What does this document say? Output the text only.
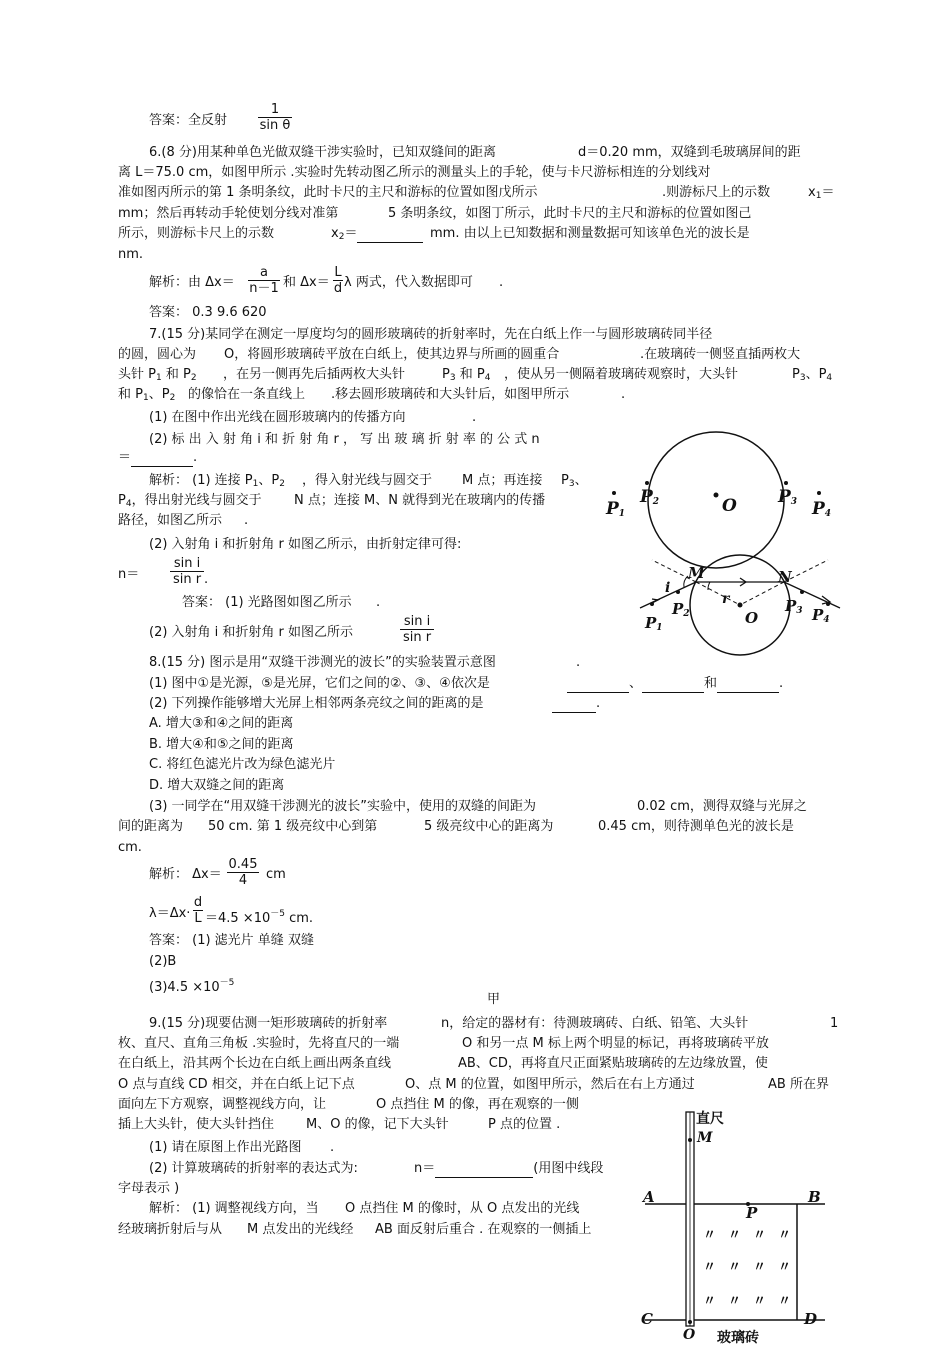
答案：全反射 $\frac{1}{\text{sin θ}}$
6.(8 分)用某种单色光做双缝干涉实验时，已知双缝间的距离	d＝0.20 mm，双缝到毛玻璃屏间的距
离 L＝75.0 cm，如图甲所示 .实验时先转动图乙所示的测量头上的手轮，使与卡尺游标相连的分划线对
准如图丙所示的第 1 条明条纹，此时卡尺的主尺和游标的位置如图戊所示	.则游标尺上的示数	$x_1=$
mm；然后再转动手轮使划分线对准第	5 条明条纹，如图丁所示，此时卡尺的主尺和游标的位置如图己
所示，则游标卡尺上的示数	$x_2=$	mm. 由以上已知数据和测量数据可知该单色光的波长是
nm.
解析：由 $\Delta x= \frac{a}{n-1}$ 和 $\Delta x= \frac{L}{d}$ λ 两式，代入数据即可 .
答案： 0.3 9.6 620
7.(15 分)某同学在测定一厚度均匀的圆形玻璃砖的折射率时，先在白纸上作一与圆形玻璃砖同半径
的圆，圆心为 O，将圆形玻璃砖平放在白纸上，使其边界与所画的圆重合	.在玻璃砖一侧竖直插两枚大
头针 $P_1$ 和 $P_2$ ，在另一侧再先后插两枚大头针	$P_3$ 和 $P_4$ ，使从另一侧隔着玻璃砖观察时，大头针	$P_3$、$P_4$
和 $P_1$、$P_2$ 的像恰在一条直线上 .移去圆形玻璃砖和大头针后，如图甲所示	.
(1) 在图中作出光线在圆形玻璃内的传播方向	.
(2) 标 出 入 射 角 i 和 折 射 角 r ， 写 出 玻 璃 折 射 率 的 公 式 n
＝	.
解析： (1) 连接 $P_1$、$P_2$ ，得入射光线与圆交于 M 点；再连接 $P_3$、
$P_4$，得出射光线与圆交于 N 点；连接 M、N 就得到光在玻璃内的传播
路径，如图乙所示 .
(2) 入射角 i 和折射角 r 如图乙所示，由折射定律可得:
$n= \frac{\text{sin i}}{\text{sin r}}$ .
答案： (1) 光路图如图乙所示 .
(2) 入射角 i 和折射角 r 如图乙所示	$\frac{\text{sin i}}{\text{sin r}}$
$P_1$
$P_2$	O $P_3$ $P_4$
M	N
i
r
$P_1$
$P_2$	O
$P_3$ $P_4$
8.(15 分) 图示是用“双缝干涉测光的波长”的实验装置示意图	.
(1) 图中①是光源，⑤是光屏，它们之间的②、③、④依次是	、	和	.
(2) 下列操作能够增大光屏上相邻两条亮纹之间的距离的是	.
A. 增大③和④之间的距离
B. 增大④和⑤之间的距离
C. 将红色滤光片改为绿色滤光片
D. 增大双缝之间的距离
(3) 一同学在“用双缝干涉测光的波长”实验中，使用的双缝的间距为	0.02 cm，测得双缝与光屏之
间的距离为 50 cm. 第 1 级亮纹中心到第	5 级亮纹中心的距离为	0.45 cm，则待测单色光的波长是
cm.
解析： $\Delta x= \frac{0.45}{4}$ cm
$\lambda=\Delta x\cdot \frac{d}{L} =4.5 \times 10^{-5}$ cm.
答案： (1) 滤光片 单缝 双缝
(2)B
$(3)4.5 \times 10^{-5}$
甲
9.(15 分)现要估测一矩形玻璃砖的折射率	n，给定的器材有：待测玻璃砖、白纸、铅笔、大头针	1
枚、直尺、直角三角板 .实验时，先将直尺的一端	O 和另一点 M 标上两个明显的标记，再将玻璃砖平放
在白纸上，沿其两个长边在白纸上画出两条直线	AB、CD，再将直尺正面紧贴玻璃砖的左边缘放置，使
O 点与直线 CD 相交，并在白纸上记下点	O、点 M 的位置，如图甲所示，然后在右上方通过	AB 所在界
面向左下方观察，调整视线方向，让	O 点挡住 M 的像，再在观察的一侧
插上大头针，使大头针挡住 M、O 的像，记下大头针	P 点的位置 .
(1) 请在原图上作出光路图 .
(2) 计算玻璃砖的折射率的表达式为:	n＝	(用图中线段
字母表示 )
解析： (1) 调整视线方向，当 O 点挡住 M 的像时，从 O 点发出的光线
经玻璃折射后与从 M 点发出的光线经 AB 面反射后重合 . 在观察的一侧插上
直尺
M
A	B
P
C	D
O 玻璃砖
〃〃〃〃
〃〃〃〃
〃〃〃〃
